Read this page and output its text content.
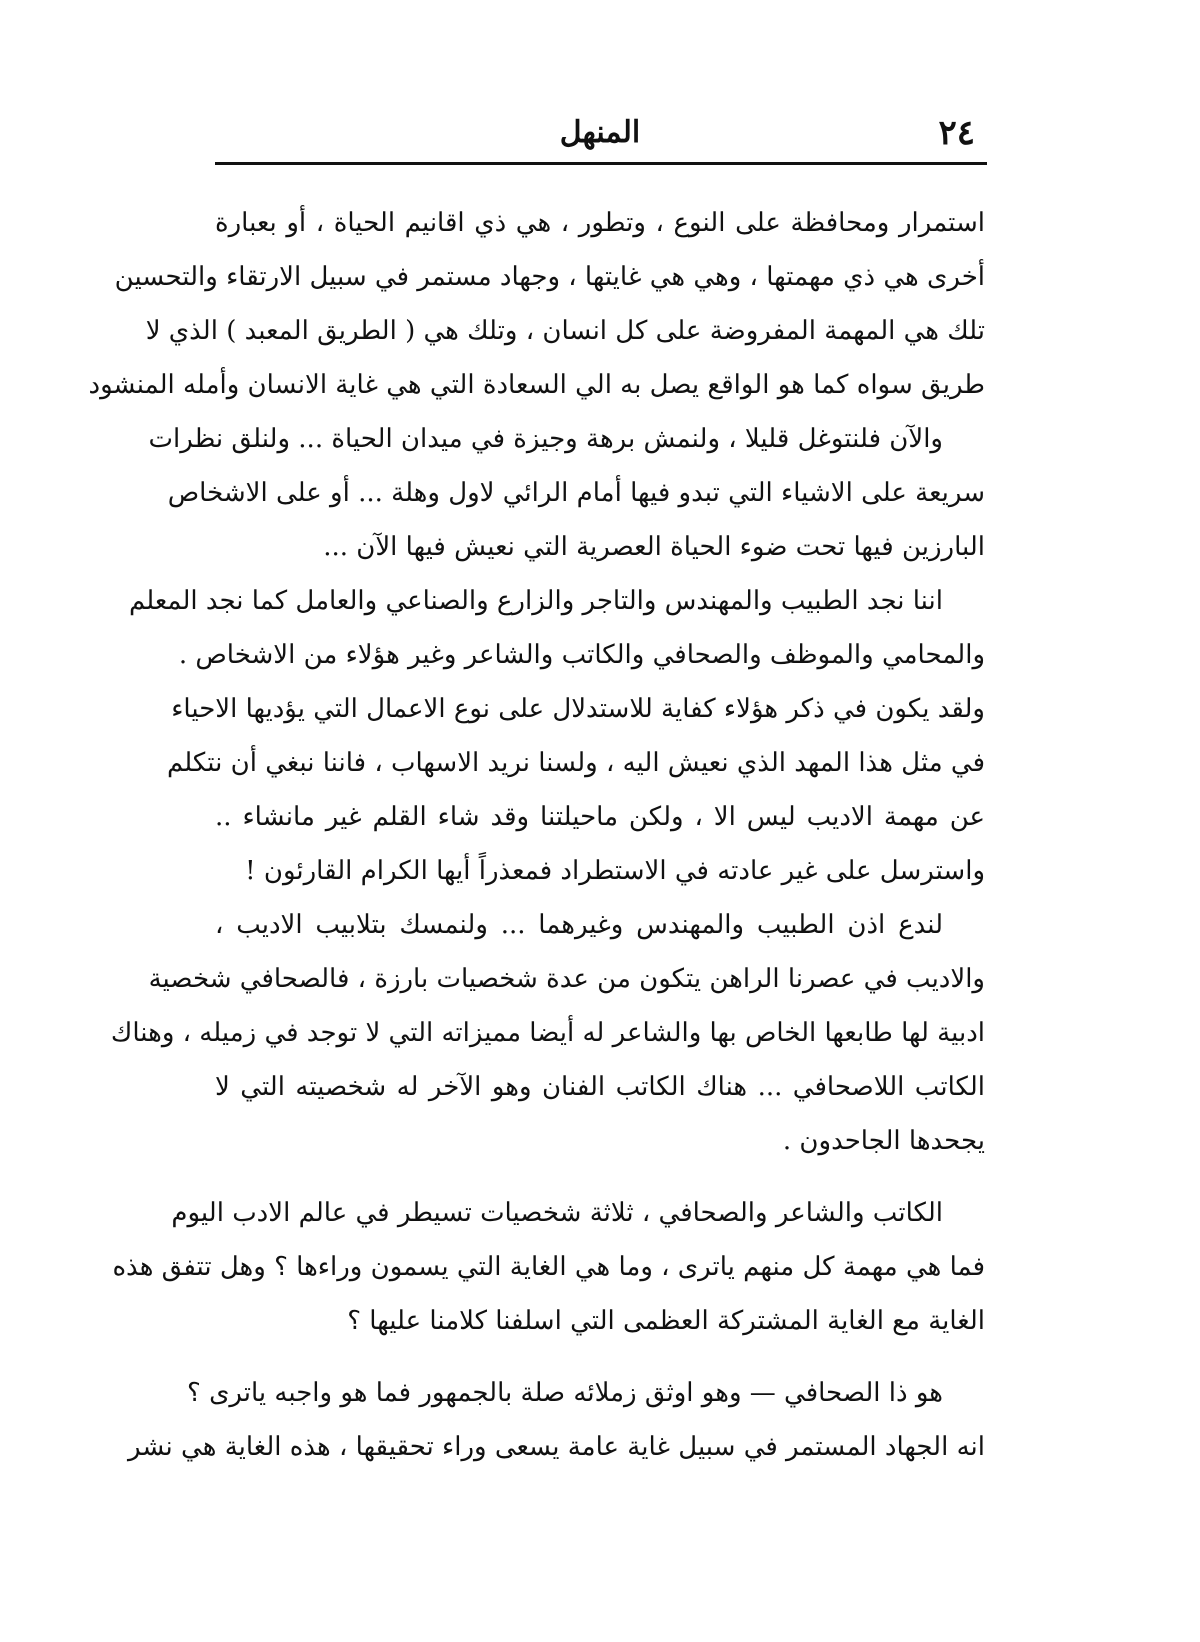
٢٤
المنهل
استمرار ومحافظة على النوع ، وتطور ، هي ذي اقانيم الحياة ، أو بعبارة
أخرى هي ذي مهمتها ، وهي هي غايتها ، وجهاد مستمر في سبيل الارتقاء والتحسين
تلك هي المهمة المفروضة على كل انسان ، وتلك هي ( الطريق المعبد ) الذي لا
طريق سواه كما هو الواقع يصل به الي السعادة التي هي غاية الانسان وأمله المنشود
والآن فلنتوغل قليلا ، ولنمش برهة وجيزة في ميدان الحياة ... ولنلق نظرات
سريعة على الاشياء التي تبدو فيها أمام الرائي لاول وهلة ... أو على الاشخاص
البارزين فيها تحت ضوء الحياة العصرية التي نعيش فيها الآن ...
اننا نجد الطبيب والمهندس والتاجر والزارع والصناعي والعامل كما نجد المعلم
والمحامي والموظف والصحافي والكاتب والشاعر وغير هؤلاء من الاشخاص .
ولقد يكون في ذكر هؤلاء كفاية للاستدلال على نوع الاعمال التي يؤديها الاحياء
في مثل هذا المهد الذي نعيش اليه ، ولسنا نريد الاسهاب ، فاننا نبغي أن نتكلم
عن مهمة الاديب ليس الا ، ولكن ماحيلتنا وقد شاء القلم غير مانشاء ..
واسترسل على غير عادته في الاستطراد فمعذراً أيها الكرام القارئون !
لندع اذن الطبيب والمهندس وغيرهما ... ولنمسك بتلابيب الاديب ،
والاديب في عصرنا الراهن يتكون من عدة شخصيات بارزة ، فالصحافي شخصية
ادبية لها طابعها الخاص بها والشاعر له أيضا مميزاته التي لا توجد في زميله ، وهناك
الكاتب اللاصحافي ... هناك الكاتب الفنان وهو الآخر له شخصيته التي لا
يجحدها الجاحدون .
الكاتب والشاعر والصحافي ، ثلاثة شخصيات تسيطر في عالم الادب اليوم
فما هي مهمة كل منهم ياترى ، وما هي الغاية التي يسمون وراءها ؟ وهل تتفق هذه
الغاية مع الغاية المشتركة العظمى التي اسلفنا كلامنا عليها ؟
هو ذا الصحافي — وهو اوثق زملائه صلة بالجمهور فما هو واجبه ياترى ؟
انه الجهاد المستمر في سبيل غاية عامة يسعى وراء تحقيقها ، هذه الغاية هي نشر
